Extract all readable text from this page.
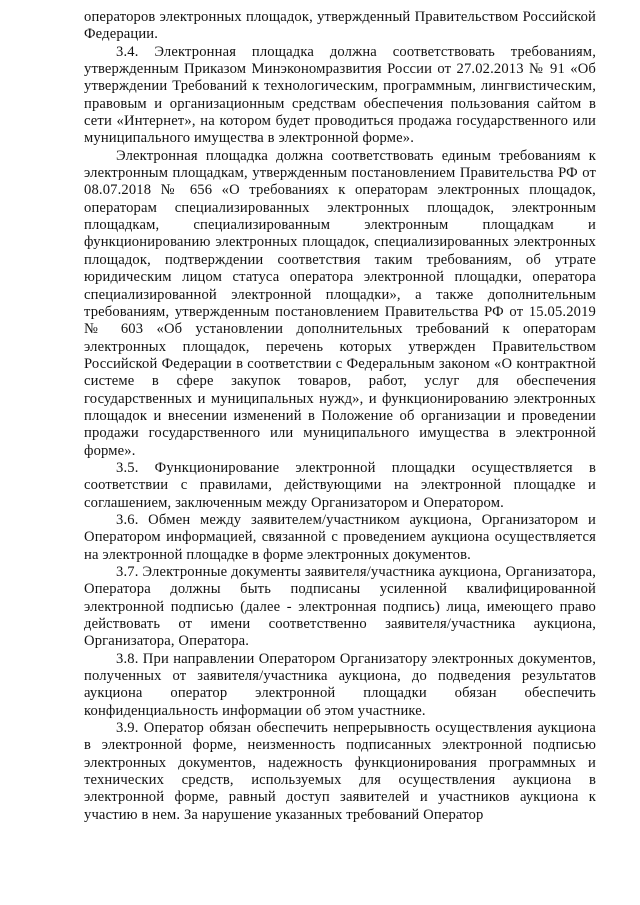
операторов электронных площадок, утвержденный Правительством Российской Федерации.

3.4. Электронная площадка должна соответствовать требованиям, утвержденным Приказом Минэкономразвития России от 27.02.2013 № 91 «Об утверждении Требований к технологическим, программным, лингвистическим, правовым и организационным средствам обеспечения пользования сайтом в сети «Интернет», на котором будет проводиться продажа государственного или муниципального имущества в электронной форме».

Электронная площадка должна соответствовать единым требованиям к электронным площадкам, утвержденным постановлением Правительства РФ от 08.07.2018 № 656 «О требованиях к операторам электронных площадок, операторам специализированных электронных площадок, электронным площадкам, специализированным электронным площадкам и функционированию электронных площадок, специализированных электронных площадок, подтверждении соответствия таким требованиям, об утрате юридическим лицом статуса оператора электронной площадки, оператора специализированной электронной площадки», а также дополнительным требованиям, утвержденным постановлением Правительства РФ от 15.05.2019 № 603 «Об установлении дополнительных требований к операторам электронных площадок, перечень которых утвержден Правительством Российской Федерации в соответствии с Федеральным законом «О контрактной системе в сфере закупок товаров, работ, услуг для обеспечения государственных и муниципальных нужд», и функционированию электронных площадок и внесении изменений в Положение об организации и проведении продажи государственного или муниципального имущества в электронной форме».

3.5. Функционирование электронной площадки осуществляется в соответствии с правилами, действующими на электронной площадке и соглашением, заключенным между Организатором и Оператором.

3.6. Обмен между заявителем/участником аукциона, Организатором и Оператором информацией, связанной с проведением аукциона осуществляется на электронной площадке в форме электронных документов.

3.7. Электронные документы заявителя/участника аукциона, Организатора, Оператора должны быть подписаны усиленной квалифицированной электронной подписью (далее - электронная подпись) лица, имеющего право действовать от имени соответственно заявителя/участника аукциона, Организатора, Оператора.

3.8. При направлении Оператором Организатору электронных документов, полученных от заявителя/участника аукциона, до подведения результатов аукциона оператор электронной площадки обязан обеспечить конфиденциальность информации об этом участнике.

3.9. Оператор обязан обеспечить непрерывность осуществления аукциона в электронной форме, неизменность подписанных электронной подписью электронных документов, надежность функционирования программных и технических средств, используемых для осуществления аукциона в электронной форме, равный доступ заявителей и участников аукциона к участию в нем. За нарушение указанных требований Оператор
